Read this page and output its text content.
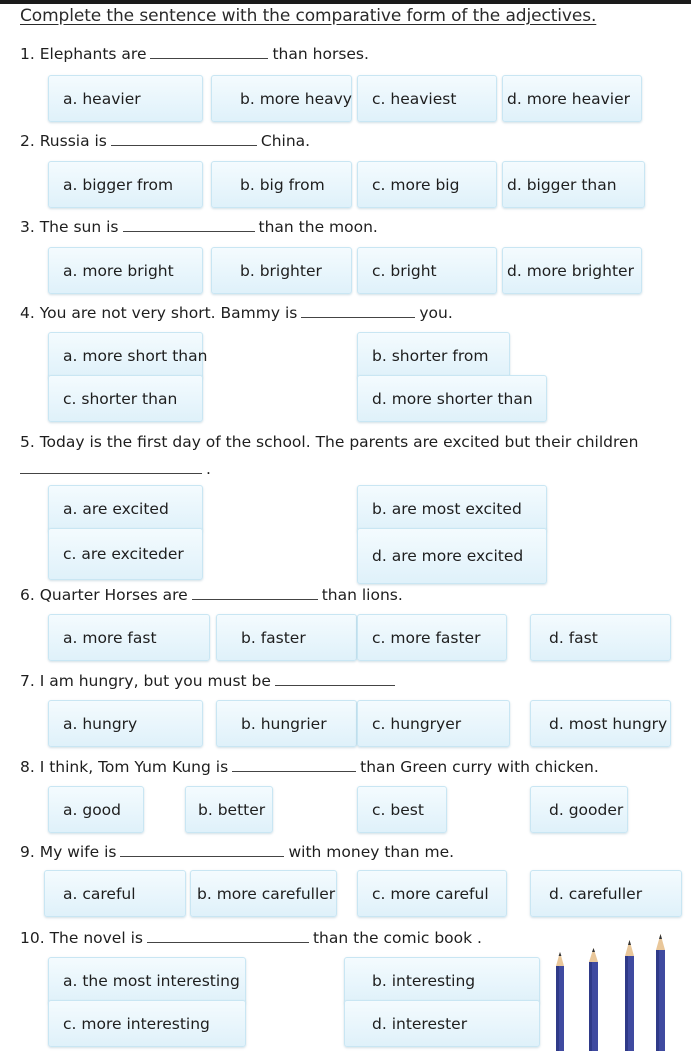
Complete the sentence with the comparative form of the adjectives.
1. Elephants are	than horses.
a. heavier	b. more heavy c. heaviest	d. more heavier
2. Russia is	China.
a. bigger from	b. big from	c. more big	d. bigger than
3. The sun is	than the moon.
a. more bright	b. brighter	c. bright	d. more brighter
4. You are not very short. Bammy is	you.
a. more short than	b. shorter from
c. shorter than	d. more shorter than
5. Today is the first day of the school. The parents are excited but their children
.
a. are excited	b. are most excited
c. are exciteder	d. are more excited
6. Quarter Horses are	than lions.
a. more fast	b. faster	c. more faster	d. fast
7. I am hungry, but you must be
a. hungry	b. hungrier	c. hungryer	d. most hungry
8. I think, Tom Yum Kung is	than Green curry with chicken.
a. good	b. better	c. best	d. gooder
9. My wife is	with money than me.
a. careful	b. more carefuller c. more careful	d. carefuller
10. The novel is	than the comic book .
a. the most interesting	b. interesting
c. more interesting	d. interester
